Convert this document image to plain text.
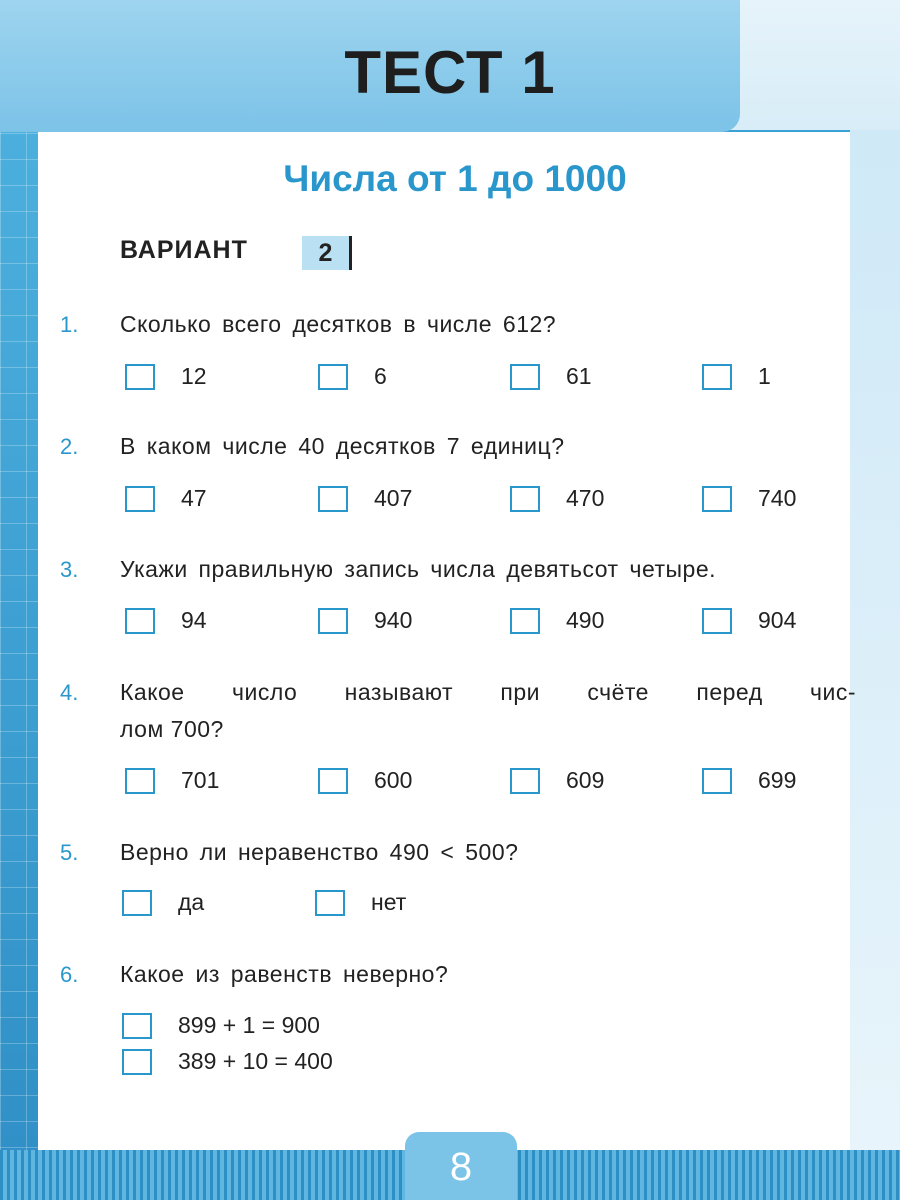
ТЕСТ 1
Числа от 1 до 1000
ВАРИАНТ	2
1. Сколько всего десятков в числе 612?
12	6	61	1
2. В каком числе 40 десятков 7 единиц?
47	407	470	740
3. Укажи правильную запись числа девятьсот четыре.
94	940	490	904
4. Какое число называют при счёте перед чис-
лом 700?
701	600	609	699
5. Верно ли неравенство 490 < 500?
да	нет
6. Какое из равенств неверно?
899 + 1 = 900
389 + 10 = 400
8
